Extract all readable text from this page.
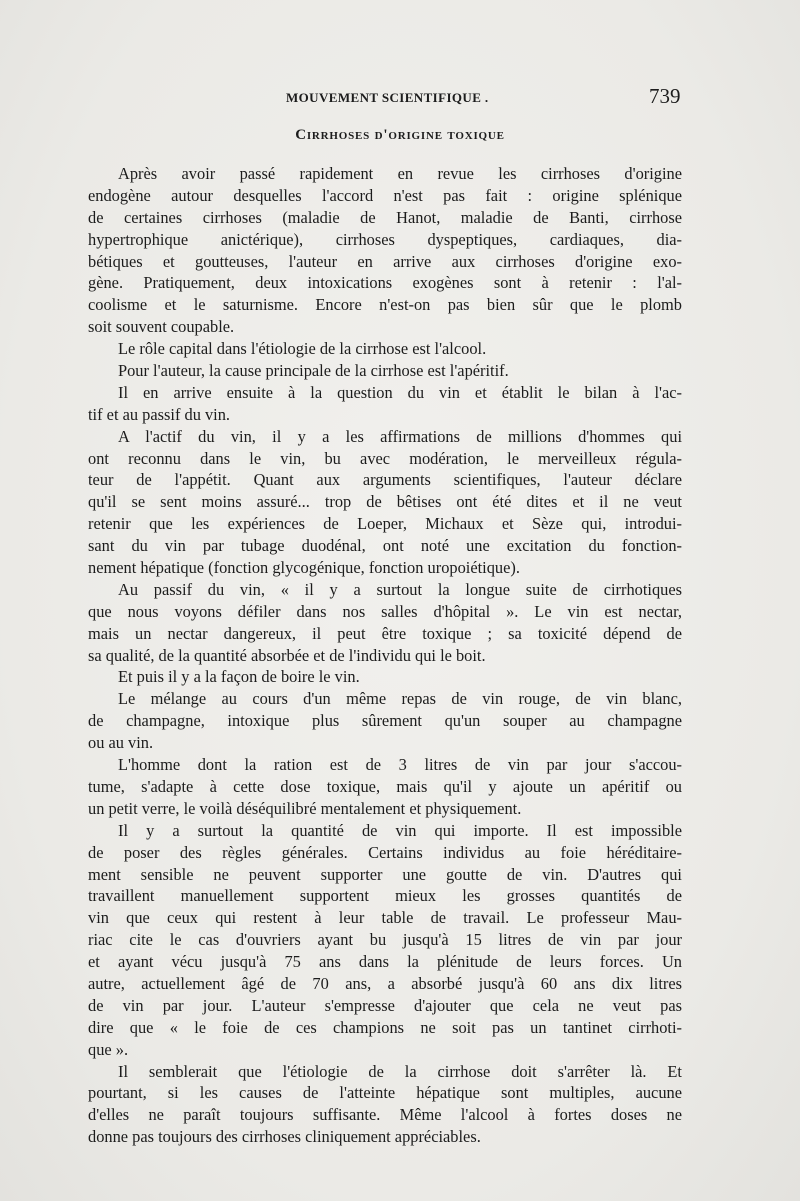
MOUVEMENT SCIENTIFIQUE .	739
Cirrhoses d'origine toxique
Après avoir passé rapidement en revue les cirrhoses d'origine
endogène autour desquelles l'accord n'est pas fait : origine splénique
de certaines cirrhoses (maladie de Hanot, maladie de Banti, cirrhose
hypertrophique anictérique), cirrhoses dyspeptiques, cardiaques, dia-
bétiques et goutteuses, l'auteur en arrive aux cirrhoses d'origine exo-
gène. Pratiquement, deux intoxications exogènes sont à retenir : l'al-
coolisme et le saturnisme. Encore n'est-on pas bien sûr que le plomb
soit souvent coupable.
Le rôle capital dans l'étiologie de la cirrhose est l'alcool.
Pour l'auteur, la cause principale de la cirrhose est l'apéritif.
Il en arrive ensuite à la question du vin et établit le bilan à l'ac-
tif et au passif du vin.
A l'actif du vin, il y a les affirmations de millions d'hommes qui
ont reconnu dans le vin, bu avec modération, le merveilleux régula-
teur de l'appétit. Quant aux arguments scientifiques, l'auteur déclare
qu'il se sent moins assuré... trop de bêtises ont été dites et il ne veut
retenir que les expériences de Loeper, Michaux et Sèze qui, introdui-
sant du vin par tubage duodénal, ont noté une excitation du fonction-
nement hépatique (fonction glycogénique, fonction uropoiétique).
Au passif du vin, « il y a surtout la longue suite de cirrhotiques
que nous voyons défiler dans nos salles d'hôpital ». Le vin est nectar,
mais un nectar dangereux, il peut être toxique ; sa toxicité dépend de
sa qualité, de la quantité absorbée et de l'individu qui le boit.
Et puis il y a la façon de boire le vin.
Le mélange au cours d'un même repas de vin rouge, de vin blanc,
de champagne, intoxique plus sûrement qu'un souper au champagne
ou au vin.
L'homme dont la ration est de 3 litres de vin par jour s'accou-
tume, s'adapte à cette dose toxique, mais qu'il y ajoute un apéritif ou
un petit verre, le voilà déséquilibré mentalement et physiquement.
Il y a surtout la quantité de vin qui importe. Il est impossible
de poser des règles générales. Certains individus au foie héréditaire-
ment sensible ne peuvent supporter une goutte de vin. D'autres qui
travaillent manuellement supportent mieux les grosses quantités de
vin que ceux qui restent à leur table de travail. Le professeur Mau-
riac cite le cas d'ouvriers ayant bu jusqu'à 15 litres de vin par jour
et ayant vécu jusqu'à 75 ans dans la plénitude de leurs forces. Un
autre, actuellement âgé de 70 ans, a absorbé jusqu'à 60 ans dix litres
de vin par jour. L'auteur s'empresse d'ajouter que cela ne veut pas
dire que « le foie de ces champions ne soit pas un tantinet cirrhoti-
que ».
Il semblerait que l'étiologie de la cirrhose doit s'arrêter là. Et
pourtant, si les causes de l'atteinte hépatique sont multiples, aucune
d'elles ne paraît toujours suffisante. Même l'alcool à fortes doses ne
donne pas toujours des cirrhoses cliniquement appréciables.
